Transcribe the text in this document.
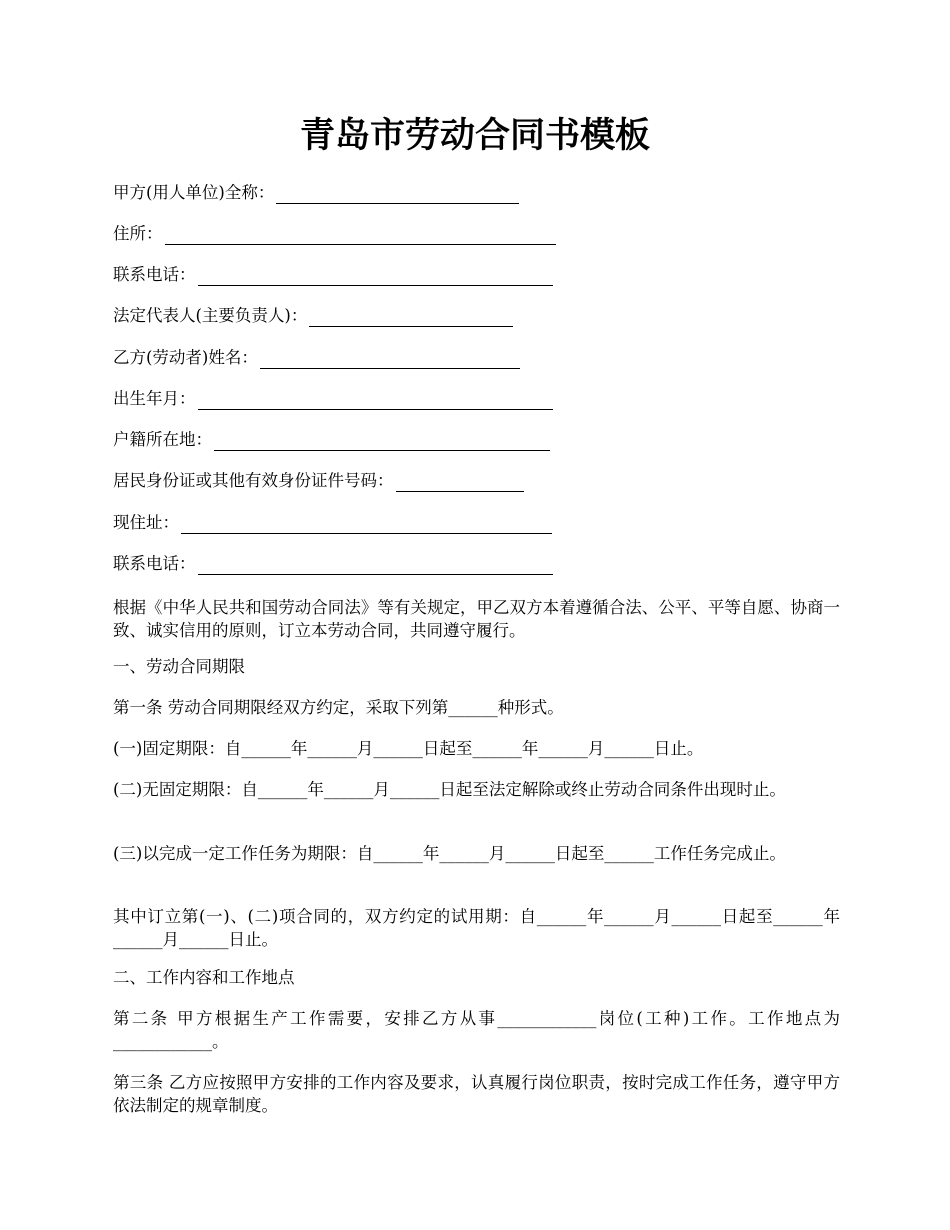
青岛市劳动合同书模板
甲方(用人单位)全称：
住所：
联系电话：
法定代表人(主要负责人)：
乙方(劳动者)姓名：
出生年月：
户籍所在地：
居民身份证或其他有效身份证件号码：
现住址：
联系电话：
根据《中华人民共和国劳动合同法》等有关规定，甲乙双方本着遵循合法、公平、平等自愿、协商一致、诚实信用的原则，订立本劳动合同，共同遵守履行。
一、劳动合同期限
第一条 劳动合同期限经双方约定，采取下列第______种形式。
(一)固定期限：自______年______月______日起至______年______月______日止。
(二)无固定期限：自______年______月______日起至法定解除或终止劳动合同条件出现时止。
(三)以完成一定工作任务为期限：自______年______月______日起至______工作任务完成止。
其中订立第(一)、(二)项合同的，双方约定的试用期：自______年______月______日起至______年______月______日止。
二、工作内容和工作地点
第二条 甲方根据生产工作需要，安排乙方从事____________岗位(工种)工作。工作地点为____________。
第三条 乙方应按照甲方安排的工作内容及要求，认真履行岗位职责，按时完成工作任务，遵守甲方依法制定的规章制度。
